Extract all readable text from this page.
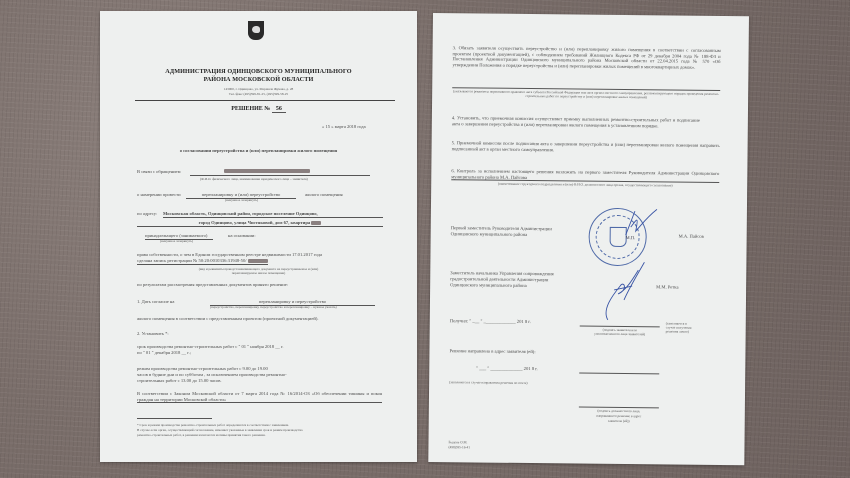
АДМИНИСТРАЦИЯ ОДИНЦОВСКОГО МУНИЦИПАЛЬНОГО
РАЙОНА МОСКОВСКОЙ ОБЛАСТИ
143000, г. Одинцово, ул. Маршала Жукова, д. 28
Тел./факс (495)599-81-25, (495)599-58-25
РЕШЕНИЕ № 56
« 15 » марта 2018 года
о согласовании переустройства и (или) перепланировки жилого помещения
В связи с обращением
(Ф.И.О. физического лица, наименование юридического лица – заявителя)
о намерении провести	перепланировку и (или) переустройство	жилого помещения
(ненужное зачеркнуть)
по адресу: Московская область, Одинцовский район, городское поселение Одинцово,
город Одинцово, улица Чистяковой, дом 67, квартира
принадлежащего (занимаемого)	на основании:
(ненужное зачеркнуть)
права собственности, о чем в Едином государственном реестре недвижимости 17.01.2017 года
сделана запись регистрации № 50:20:0010336:31948-50/
(вид и реквизиты правоустанавливающего документа на переустраиваемое и (или)
перепланируемое жилое помещение)
по результатам рассмотрения представленных документов принято решение:
1. Дать согласие на	перепланировку и переустройство
(переустройство, перепланировку, переустройство и перепланировку – нужное указать)
жилого помещения в соответствии с представленным проектом (проектной документацией).
2. Установить *:
срок производства ремонтно-строительных работ с " 01 " ноября 2018 __ г.
по " 01 " декабря 2018 __ г.;
режим производства ремонтно-строительных работ с 9.00 до 19.00
часов в будние дни и по субботам , за исключением производства ремонтно-
строительных работ с 13.00 до 15.00 часов.
В соответствии с Законом Московской области от 7 марта 2014 года № 16/2014-ОЗ «Об обеспечении тишины и покоя граждан на территории Московской области»
* Срок и режим производства ремонтно-строительных работ определяются в соответствии с заявлением.
В случае если орган, осуществляющий согласование, изменяет указанные в заявлении срок и режим производства
ремонтно-строительных работ, в решении излагаются мотивы принятия такого решения.
3. Обязать заявителя осуществить переустройство и (или) перепланировку жилого помещения в соответствии с согласованным проектом (проектной документацией), с соблюдением требований Жилищного Кодекса РФ от 29 декабря 2004 года № 188-ФЗ и Постановления Администрации Одинцовского муниципального района Московской области от 22.04.2015 года № 570 «Об утверждении Положения о порядке переустройства и (или) перепланировки жилых помещений в многоквартирных домах».
(указываются реквизиты нормативного правового акта субъекта Российской Федерации или акта органа местного самоуправления, регламентирующего порядок проведения ремонтно-строительных работ по переустройству и (или) перепланировке жилых помещений)
4. Установить, что приемочная комиссия осуществляет приемку выполненных ремонтно-строительных работ и подписание акта о завершении переустройства и (или) перепланировки жилого помещения в установленном порядке.
5. Приемочной комиссии после подписания акта о завершении переустройства и (или) перепланировки жилого помещения направить подписанный акт в орган местного самоуправления.
6. Контроль за исполнением настоящего решения возложить на первого заместителя Руководителя Администрации Одинцовского муниципального района М.А. Пайсова
(наименование структурного подразделения и (или) Ф.И.О. должностного лица органа, осуществляющего согласование)
Первый заместитель Руководителя Администрации
Одинцовского муниципального района	М.А. Пайсов
М.П.
Заместитель начальника Управления сопровождения
градостроительной деятельности Администрации
Одинцовского муниципального района	М.М. Ретка
Получил: " ___ " ______________ 201 8 г.
(подпись заявителя или
уполномоченного лица заявителей)
(заполняется в
случае получения
решения лично)
Решение направлено в адрес заявителя (ей):
" ___ " ______________ 201 8 г.
(заполняется в случае направления решения по почте)
(подпись должностного лица,
направившего решение в адрес
заявителя (ей))
Быдень О.М.
(498)595-16-41
